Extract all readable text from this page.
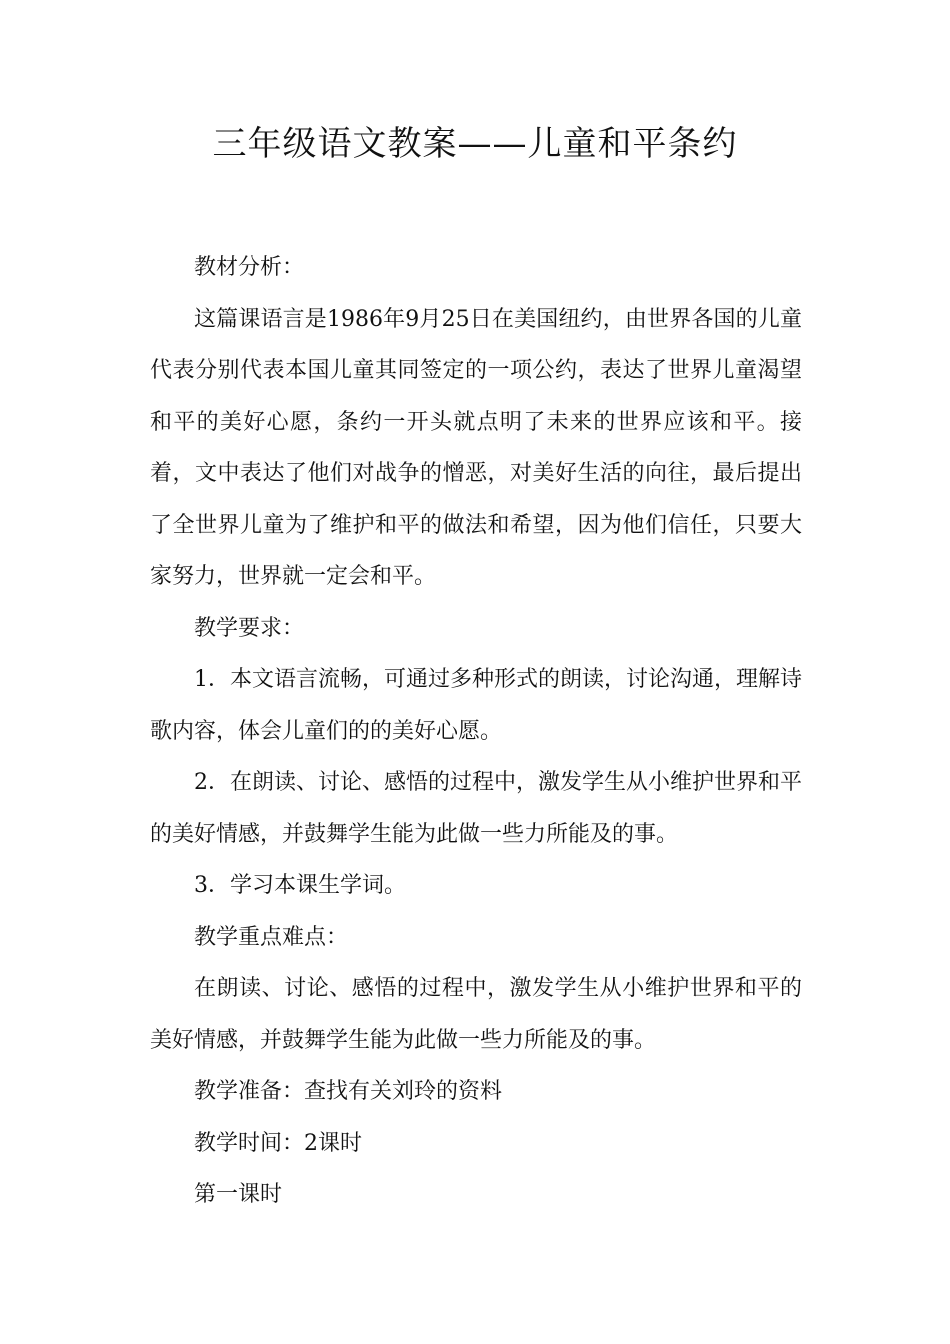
三年级语文教案——儿童和平条约

教材分析：

这篇课语言是1986年9月25日在美国纽约，由世界各国的儿童代表分别代表本国儿童其同签定的一项公约，表达了世界儿童渴望和平的美好心愿，条约一开头就点明了未来的世界应该和平。接着，文中表达了他们对战争的憎恶，对美好生活的向往，最后提出了全世界儿童为了维护和平的做法和希望，因为他们信任，只要大家努力，世界就一定会和平。

教学要求：

1．本文语言流畅，可通过多种形式的朗读，讨论沟通，理解诗歌内容，体会儿童们的的美好心愿。

2．在朗读、讨论、感悟的过程中，激发学生从小维护世界和平的美好情感，并鼓舞学生能为此做一些力所能及的事。

3．学习本课生学词。

教学重点难点：

在朗读、讨论、感悟的过程中，激发学生从小维护世界和平的美好情感，并鼓舞学生能为此做一些力所能及的事。

教学准备：查找有关刘玲的资料

教学时间：2课时

第一课时
